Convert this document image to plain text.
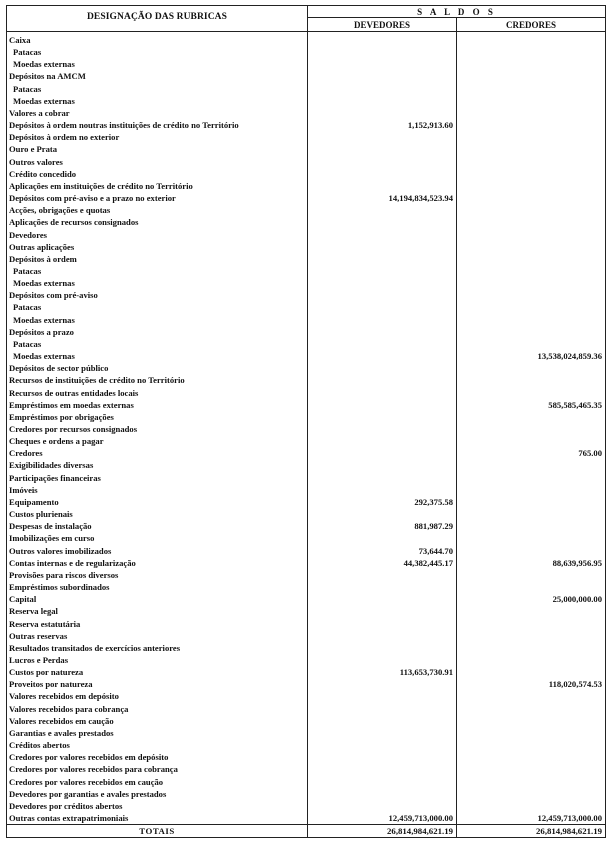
DESIGNAÇÃO DAS RUBRICAS	S A L D O S	
	DEVEDORES	CREDORES
Caixa		
Patacas		
Moedas externas		
Depósitos na AMCM		
Patacas		
Moedas externas		
Valores a cobrar		
Depósitos à ordem noutras instituições de crédito no Território	1,152,913.60	
Depósitos à ordem no exterior		
Ouro e Prata		
Outros valores		
Crédito concedido		
Aplicações em instituições de crédito no Território		
Depósitos com pré-aviso e a prazo no exterior	14,194,834,523.94	
Acções, obrigações e quotas		
Aplicações de recursos consignados		
Devedores		
Outras aplicações		
Depósitos à ordem		
Patacas		
Moedas externas		
Depósitos com pré-aviso		
Patacas		
Moedas externas		
Depósitos a prazo		
Patacas		
Moedas externas		13,538,024,859.36
Depósitos de sector público		
Recursos de instituições de crédito no Território		
Recursos de outras entidades locais		
Empréstimos em moedas externas		585,585,465.35
Empréstimos por obrigações		
Credores por recursos consignados		
Cheques e ordens a pagar		
Credores		765.00
Exigibilidades diversas		
Participações financeiras		
Imóveis		
Equipamento	292,375.58	
Custos plurienais		
Despesas de instalação	881,987.29	
Imobilizações em curso		
Outros valores imobilizados	73,644.70	
Contas internas e de regularização	44,382,445.17	88,639,956.95
Provisões para riscos diversos		
Empréstimos subordinados		
Capital		25,000,000.00
Reserva legal		
Reserva estatutária		
Outras reservas		
Resultados transitados de exercícios anteriores		
Lucros e Perdas		
Custos por natureza	113,653,730.91	
Proveitos por natureza		118,020,574.53
Valores recebidos em depósito		
Valores recebidos para cobrança		
Valores recebidos em caução		
Garantias e avales prestados		
Créditos abertos		
Credores por valores recebidos em depósito		
Credores por valores recebidos para cobrança		
Credores por valores recebidos em caução		
Devedores por garantias e avales prestados		
Devedores por créditos abertos		
Outras contas extrapatrimoniais	12,459,713,000.00	12,459,713,000.00
TOTAIS	26,814,984,621.19	26,814,984,621.19
